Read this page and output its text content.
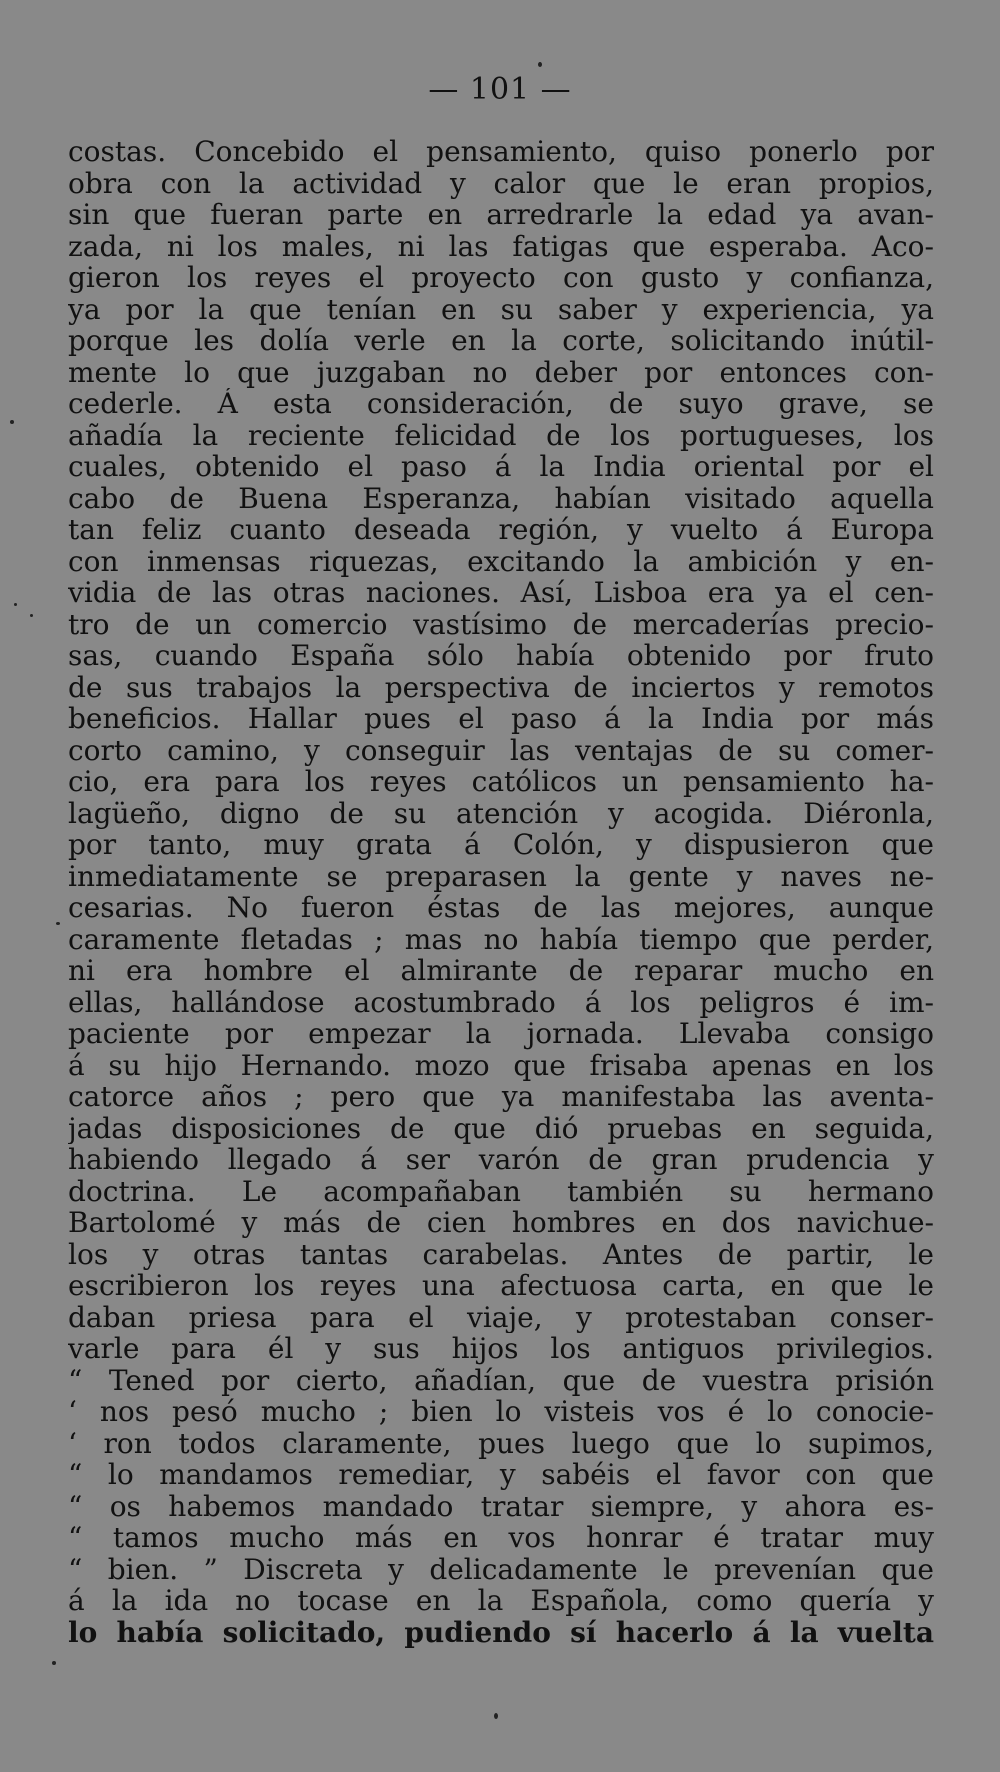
— 101 —
costas. Concebido el pensamiento, quiso ponerlo por
obra con la actividad y calor que le eran propios,
sin que fueran parte en arredrarle la edad ya avan-
zada, ni los males, ni las fatigas que esperaba. Aco-
gieron los reyes el proyecto con gusto y confianza,
ya por la que tenían en su saber y experiencia, ya
porque les dolía verle en la corte, solicitando inútil-
mente lo que juzgaban no deber por entonces con-
cederle. Á esta consideración, de suyo grave, se
añadía la reciente felicidad de los portugueses, los
cuales, obtenido el paso á la India oriental por el
cabo de Buena Esperanza, habían visitado aquella
tan feliz cuanto deseada región, y vuelto á Europa
con inmensas riquezas, excitando la ambición y en-
vidia de las otras naciones. Así, Lisboa era ya el cen-
tro de un comercio vastísimo de mercaderías precio-
sas, cuando España sólo había obtenido por fruto
de sus trabajos la perspectiva de inciertos y remotos
beneficios. Hallar pues el paso á la India por más
corto camino, y conseguir las ventajas de su comer-
cio, era para los reyes católicos un pensamiento ha-
lagüeño, digno de su atención y acogida. Diéronla,
por tanto, muy grata á Colón, y dispusieron que
inmediatamente se preparasen la gente y naves ne-
cesarias. No fueron éstas de las mejores, aunque
caramente fletadas ; mas no había tiempo que perder,
ni era hombre el almirante de reparar mucho en
ellas, hallándose acostumbrado á los peligros é im-
paciente por empezar la jornada. Llevaba consigo
á su hijo Hernando. mozo que frisaba apenas en los
catorce años ; pero que ya manifestaba las aventa-
jadas disposiciones de que dió pruebas en seguida,
habiendo llegado á ser varón de gran prudencia y
doctrina. Le acompañaban también su hermano
Bartolomé y más de cien hombres en dos navichue-
los y otras tantas carabelas. Antes de partir, le
escribieron los reyes una afectuosa carta, en que le
daban priesa para el viaje, y protestaban conser-
varle para él y sus hijos los antiguos privilegios.
“ Tened por cierto, añadían, que de vuestra prisión
‘ nos pesó mucho ; bien lo visteis vos é lo conocie-
‘ ron todos claramente, pues luego que lo supimos,
“ lo mandamos remediar, y sabéis el favor con que
“ os habemos mandado tratar siempre, y ahora es-
“ tamos mucho más en vos honrar é tratar muy
“ bien. ” Discreta y delicadamente le prevenían que
á la ida no tocase en la Española, como quería y
lo había solicitado, pudiendo sí hacerlo á la vuelta
